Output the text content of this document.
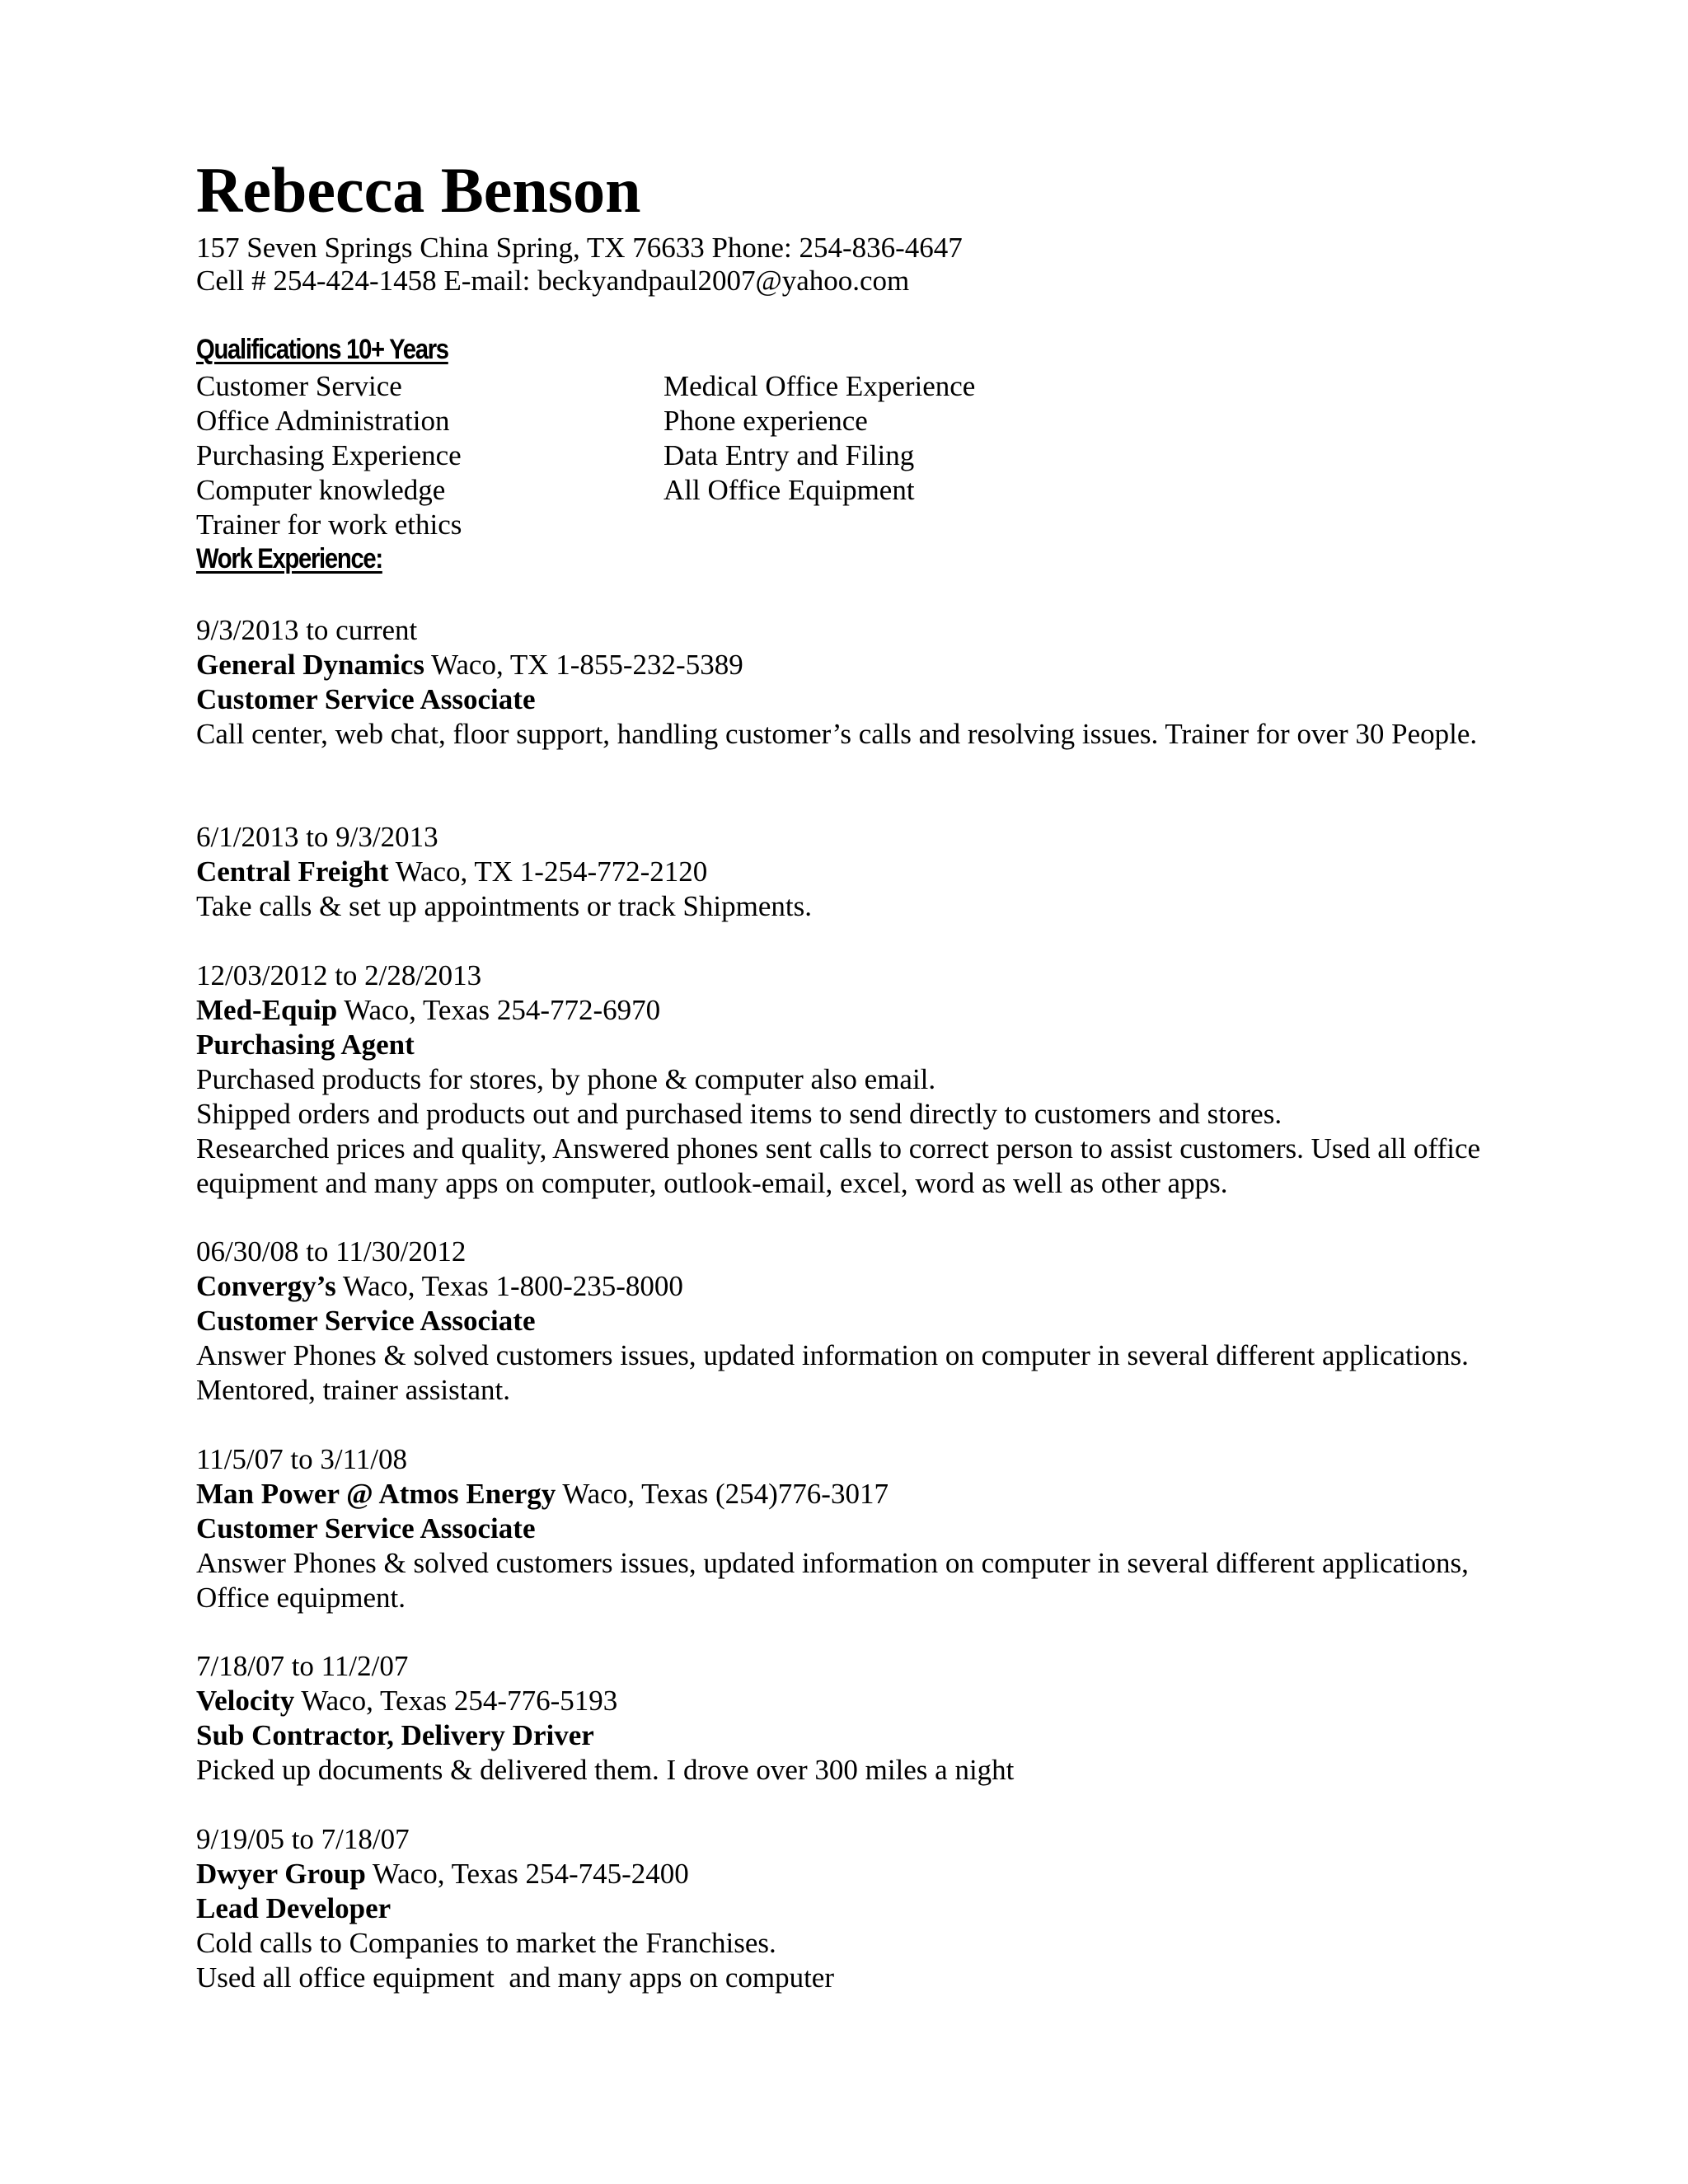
Rebecca Benson
157 Seven Springs China Spring, TX 76633 Phone: 254-836-4647
Cell # 254-424-1458 E-mail: beckyandpaul2007@yahoo.com
Qualifications 10+ Years
Customer Service
Office Administration
Purchasing Experience
Computer knowledge
Trainer for work ethics
Medical Office Experience
Phone experience
Data Entry and Filing
All Office Equipment
Work Experience:
9/3/2013 to current
General Dynamics Waco, TX 1-855-232-5389
Customer Service Associate
Call center, web chat, floor support, handling customer’s calls and resolving issues. Trainer for over 30 People.
6/1/2013 to 9/3/2013
Central Freight Waco, TX 1-254-772-2120
Take calls & set up appointments or track Shipments.
12/03/2012 to 2/28/2013
Med-Equip Waco, Texas 254-772-6970
Purchasing Agent
Purchased products for stores, by phone & computer also email.
Shipped orders and products out and purchased items to send directly to customers and stores.
Researched prices and quality, Answered phones sent calls to correct person to assist customers. Used all office equipment and many apps on computer, outlook-email, excel, word as well as other apps.
06/30/08 to 11/30/2012
Convergy’s Waco, Texas 1-800-235-8000
Customer Service Associate
Answer Phones & solved customers issues, updated information on computer in several different applications. Mentored, trainer assistant.
11/5/07 to 3/11/08
Man Power @ Atmos Energy Waco, Texas (254)776-3017
Customer Service Associate
Answer Phones & solved customers issues, updated information on computer in several different applications, Office equipment.
7/18/07 to 11/2/07
Velocity Waco, Texas 254-776-5193
Sub Contractor, Delivery Driver
Picked up documents & delivered them. I drove over 300 miles a night
9/19/05 to 7/18/07
Dwyer Group Waco, Texas 254-745-2400
Lead Developer
Cold calls to Companies to market the Franchises.
Used all office equipment  and many apps on computer
